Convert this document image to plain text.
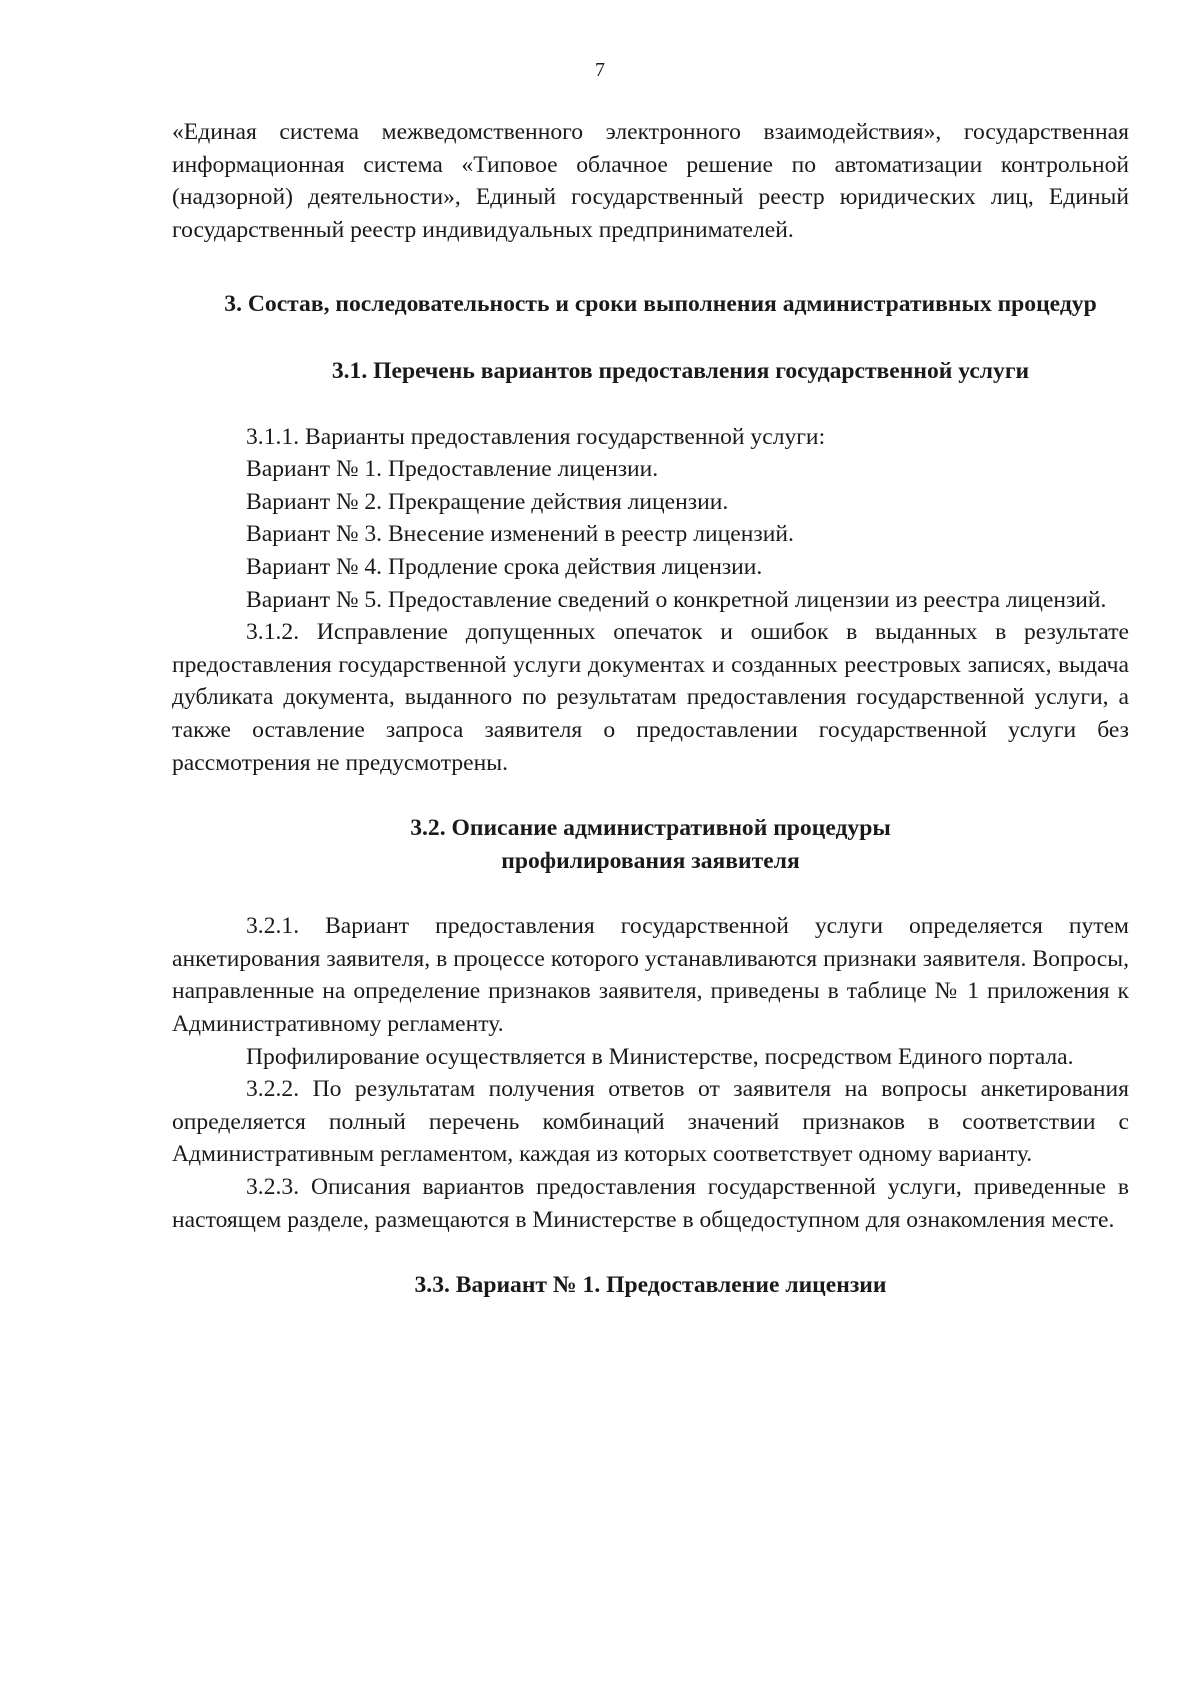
7

«Единая система межведомственного электронного взаимодействия», государственная информационная система «Типовое облачное решение по автоматизации контрольной (надзорной) деятельности», Единый государственный реестр юридических лиц, Единый государственный реестр индивидуальных предпринимателей.

3. Состав, последовательность и сроки выполнения административных процедур

3.1. Перечень вариантов предоставления государственной услуги

3.1.1. Варианты предоставления государственной услуги:

Вариант № 1. Предоставление лицензии.

Вариант № 2. Прекращение действия лицензии.

Вариант № 3. Внесение изменений в реестр лицензий.

Вариант № 4. Продление срока действия лицензии.

Вариант № 5. Предоставление сведений о конкретной лицензии из реестра лицензий.

3.1.2. Исправление допущенных опечаток и ошибок в выданных в результате предоставления государственной услуги документах и созданных реестровых записях, выдача дубликата документа, выданного по результатам предоставления государственной услуги, а также оставление запроса заявителя о предоставлении государственной услуги без рассмотрения не предусмотрены.

3.2. Описание административной процедуры
профилирования заявителя

3.2.1. Вариант предоставления государственной услуги определяется путем анкетирования заявителя, в процессе которого устанавливаются признаки заявителя. Вопросы, направленные на определение признаков заявителя, приведены в таблице № 1 приложения к Административному регламенту.

Профилирование осуществляется в Министерстве, посредством Единого портала.

3.2.2. По результатам получения ответов от заявителя на вопросы анкетирования определяется полный перечень комбинаций значений признаков в соответствии с Административным регламентом, каждая из которых соответствует одному варианту.

3.2.3. Описания вариантов предоставления государственной услуги, приведенные в настоящем разделе, размещаются в Министерстве в общедоступном для ознакомления месте.

3.3. Вариант № 1. Предоставление лицензии
